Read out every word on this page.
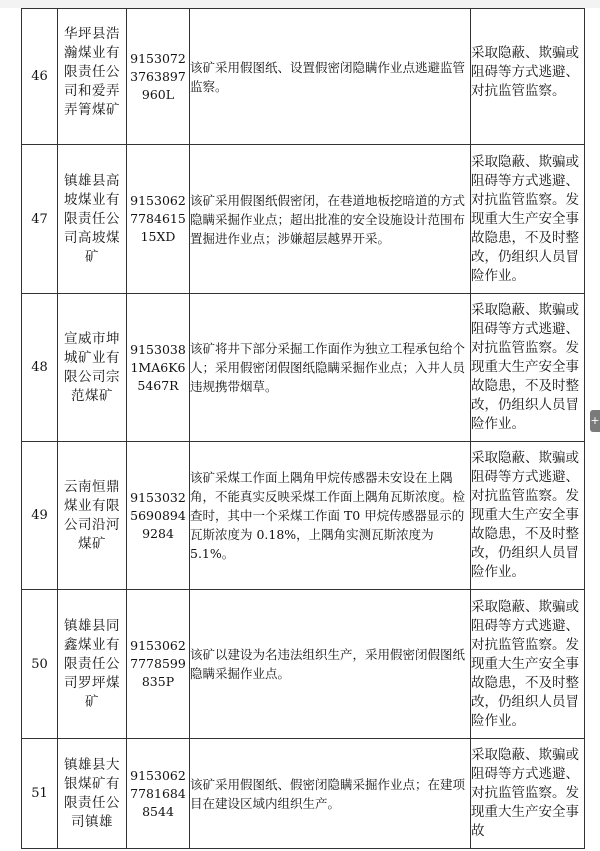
46	华坪县浩瀚煤业有限责任公司和爱弄弄箐煤矿	91530723763897960L	该矿采用假图纸、设置假密闭隐瞒作业点逃避监管监察。	采取隐蔽、欺骗或阻碍等方式逃避、对抗监管监察。

47	镇雄县高坡煤业有限责任公司高坡煤矿	9153062778461515XD	该矿采用假图纸假密闭，在巷道地板挖暗道的方式隐瞒采掘作业点；超出批准的安全设施设计范围布置掘进作业点；涉嫌超层越界开采。	采取隐蔽、欺骗或阻碍等方式逃避、对抗监管监察。发现重大生产安全事故隐患，不及时整改，仍组织人员冒险作业。

48	宣威市坤城矿业有限公司宗范煤矿	91530381MA6K65467R	该矿将井下部分采掘工作面作为独立工程承包给个人；采用假密闭假图纸隐瞒采掘作业点；入井人员违规携带烟草。	采取隐蔽、欺骗或阻碍等方式逃避、对抗监管监察。发现重大生产安全事故隐患，不及时整改，仍组织人员冒险作业。

49	云南恒鼎煤业有限公司沿河煤矿	915303256908949284	该矿采煤工作面上隅角甲烷传感器未安设在上隅角，不能真实反映采煤工作面上隅角瓦斯浓度。检查时，其中一个采煤工作面 T0 甲烷传感器显示的瓦斯浓度为 0.18%，上隅角实测瓦斯浓度为 5.1%。	采取隐蔽、欺骗或阻碍等方式逃避、对抗监管监察。发现重大生产安全事故隐患，不及时整改，仍组织人员冒险作业。

50	镇雄县同鑫煤业有限责任公司罗坪煤矿	91530627778599835P	该矿以建设为名违法组织生产，采用假密闭假图纸隐瞒采掘作业点。	采取隐蔽、欺骗或阻碍等方式逃避、对抗监管监察。发现重大生产安全事故隐患，不及时整改，仍组织人员冒险作业。

51	镇雄县大银煤矿有限责任公司镇雄	915306277816848544	该矿采用假图纸、假密闭隐瞒采掘作业点；在建项目在建设区域内组织生产。	采取隐蔽、欺骗或阻碍等方式逃避、对抗监管监察。发现重大生产安全事故
+
